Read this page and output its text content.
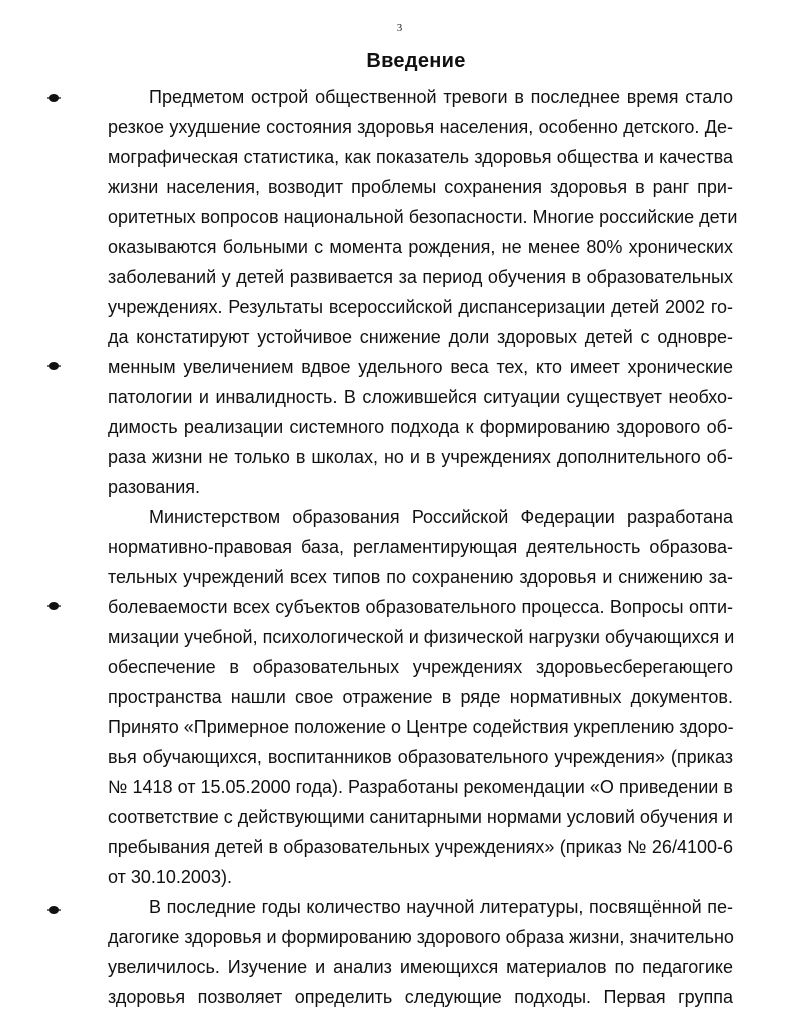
3
Введение
Предметом острой общественной тревоги в последнее время стало
резкое ухудшение состояния здоровья населения, особенно детского. Де-
мографическая статистика, как показатель здоровья общества и качества
жизни населения, возводит проблемы сохранения здоровья в ранг при-
оритетных вопросов национальной безопасности. Многие российские дети
оказываются больными с момента рождения, не менее 80% хронических
заболеваний у детей развивается за период обучения в образовательных
учреждениях. Результаты всероссийской диспансеризации детей 2002 го-
да констатируют устойчивое снижение доли здоровых детей с одновре-
менным увеличением вдвое удельного веса тех, кто имеет хронические
патологии и инвалидность. В сложившейся ситуации существует необхо-
димость реализации системного подхода к формированию здорового об-
раза жизни не только в школах, но и в учреждениях дополнительного об-
разования.
Министерством образования Российской Федерации разработана
нормативно-правовая база, регламентирующая деятельность образова-
тельных учреждений всех типов по сохранению здоровья и снижению за-
болеваемости всех субъектов образовательного процесса. Вопросы опти-
мизации учебной, психологической и физической нагрузки обучающихся и
обеспечение в образовательных учреждениях здоровьесберегающего
пространства нашли свое отражение в ряде нормативных документов.
Принято «Примерное положение о Центре содействия укреплению здоро-
вья обучающихся, воспитанников образовательного учреждения» (приказ
№ 1418 от 15.05.2000 года). Разработаны рекомендации «О приведении в
соответствие с действующими санитарными нормами условий обучения и
пребывания детей в образовательных учреждениях» (приказ № 26/4100-6
от 30.10.2003).
В последние годы количество научной литературы, посвящённой пе-
дагогике здоровья и формированию здорового образа жизни, значительно
увеличилось. Изучение и анализ имеющихся материалов по педагогике
здоровья позволяет определить следующие подходы. Первая группа
